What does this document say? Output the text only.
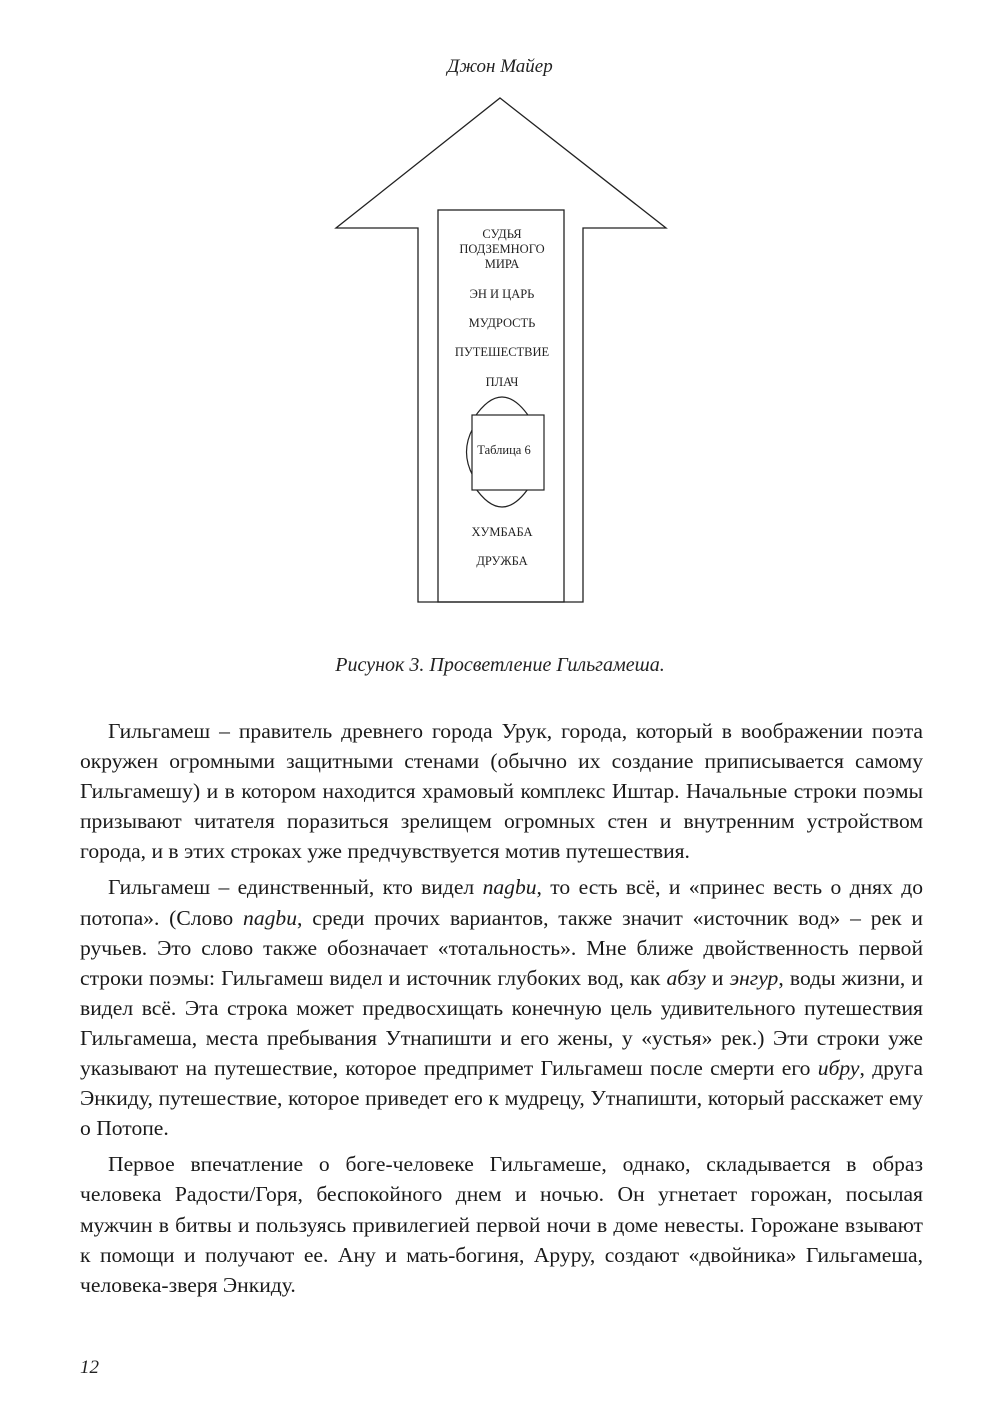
Джон Майер
СУДЬЯ
ПОДЗЕМНОГО
МИРА
ЭН И ЦАРЬ
МУДРОСТЬ
ПУТЕШЕСТВИЕ
ПЛАЧ
Таблица 6
ХУМБАБА
ДРУЖБА
Рисунок 3. Просветление Гильгамеша.

Гильгамеш – правитель древнего города Урук, города, который в воображении поэта окружен огромными защитными стенами (обычно их создание приписывается самому Гильгамешу) и в котором находится храмовый комплекс Иштар. Начальные строки поэмы призывают читателя поразиться зрелищем огромных стен и внутренним устройством города, и в этих строках уже предчувствуется мотив путешествия.

Гильгамеш – единственный, кто видел nagbu, то есть всё, и «принес весть о днях до потопа». (Слово nagbu, среди прочих вариантов, также значит «источник вод» – рек и ручьев. Это слово также обозначает «тотальность». Мне ближе двойственность первой строки поэмы: Гильгамеш видел и источник глубоких вод, как абзу и энгур, воды жизни, и видел всё. Эта строка может предвосхищать конечную цель удивительного путешествия Гильгамеша, места пребывания Утнапишти и его жены, у «устья» рек.) Эти строки уже указывают на путешествие, которое предпримет Гильгамеш после смерти его ибру, друга Энкиду, путешествие, которое приведет его к мудрецу, Утнапишти, который расскажет ему о Потопе.

Первое впечатление о боге-человеке Гильгамеше, однако, складывается в образ человека Радости/Горя, беспокойного днем и ночью. Он угнетает горожан, посылая мужчин в битвы и пользуясь привилегией первой ночи в доме невесты. Горожане взывают к помощи и получают ее. Ану и мать-богиня, Аруру, создают «двойника» Гильгамеша, человека-зверя Энкиду.

12
